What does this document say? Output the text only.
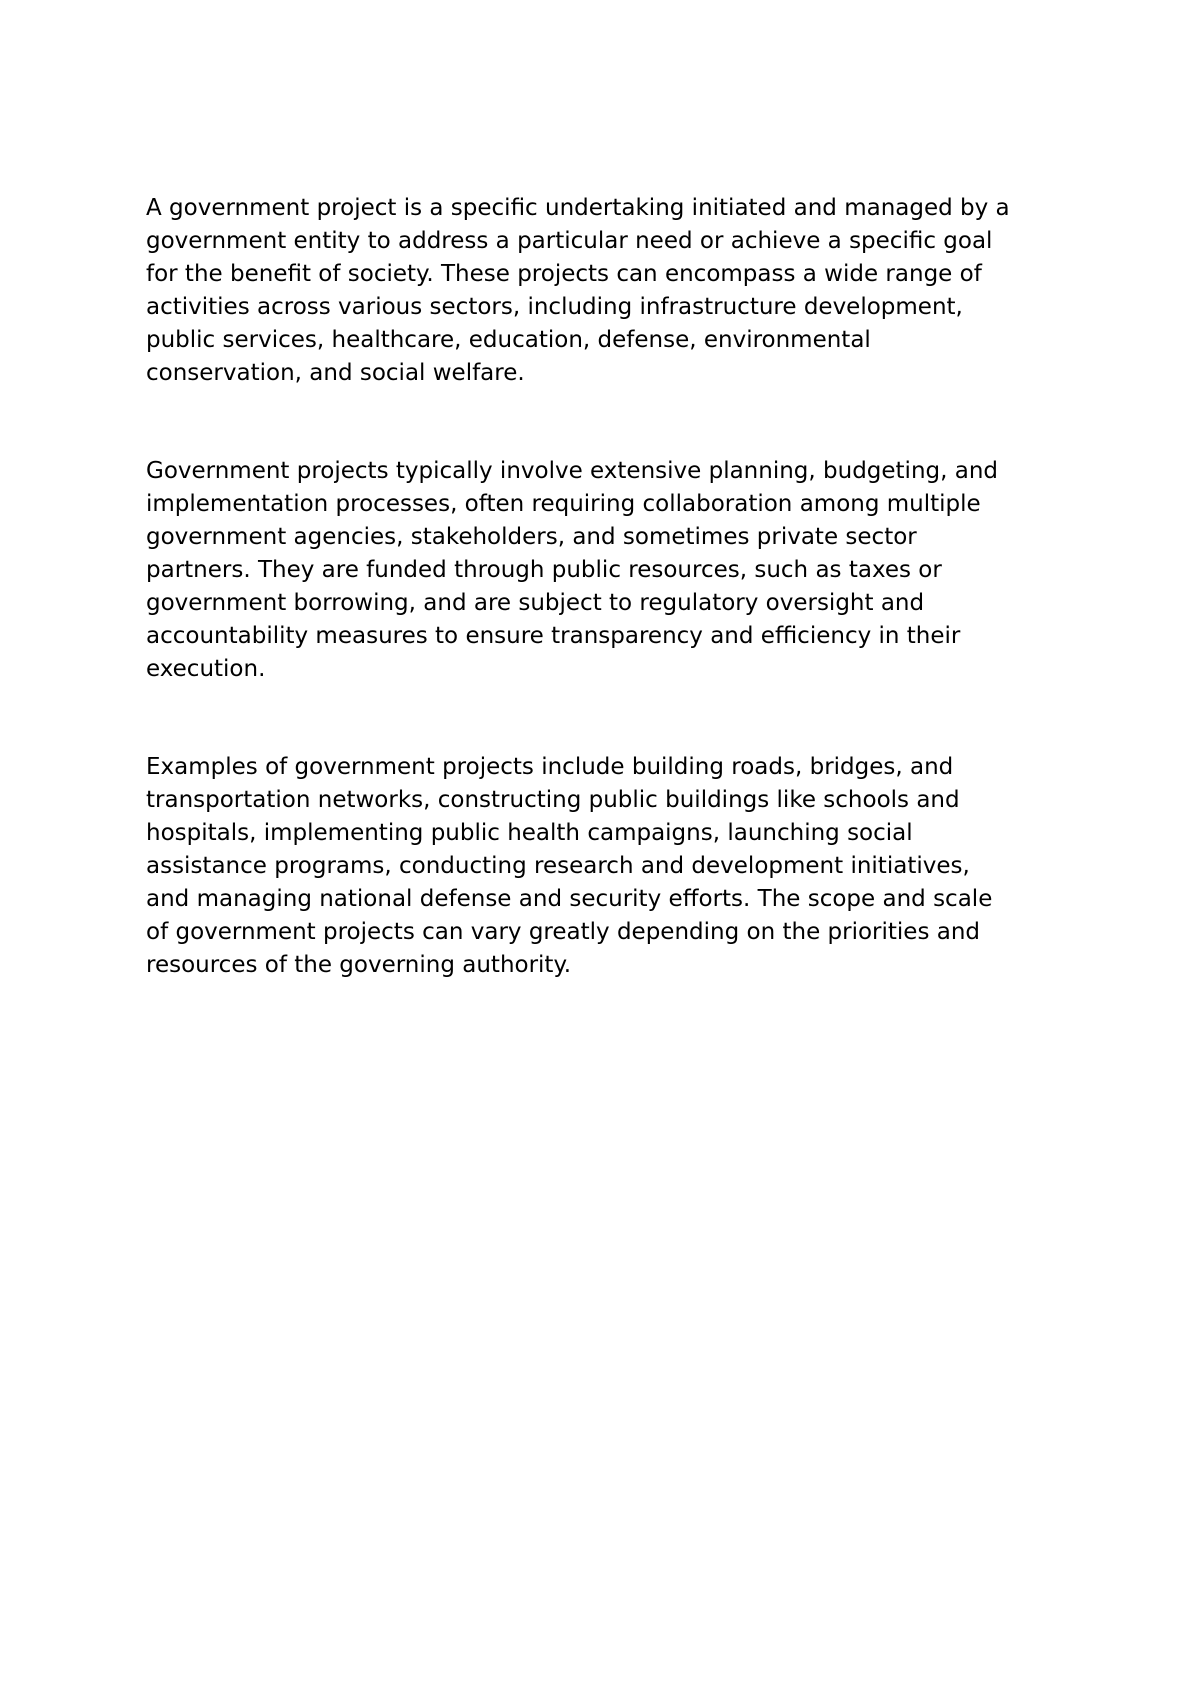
A government project is a specific undertaking initiated and managed by a
government entity to address a particular need or achieve a specific goal
for the benefit of society. These projects can encompass a wide range of
activities across various sectors, including infrastructure development,
public services, healthcare, education, defense, environmental
conservation, and social welfare.

Government projects typically involve extensive planning, budgeting, and
implementation processes, often requiring collaboration among multiple
government agencies, stakeholders, and sometimes private sector
partners. They are funded through public resources, such as taxes or
government borrowing, and are subject to regulatory oversight and
accountability measures to ensure transparency and efficiency in their
execution.

Examples of government projects include building roads, bridges, and
transportation networks, constructing public buildings like schools and
hospitals, implementing public health campaigns, launching social
assistance programs, conducting research and development initiatives,
and managing national defense and security efforts. The scope and scale
of government projects can vary greatly depending on the priorities and
resources of the governing authority.
